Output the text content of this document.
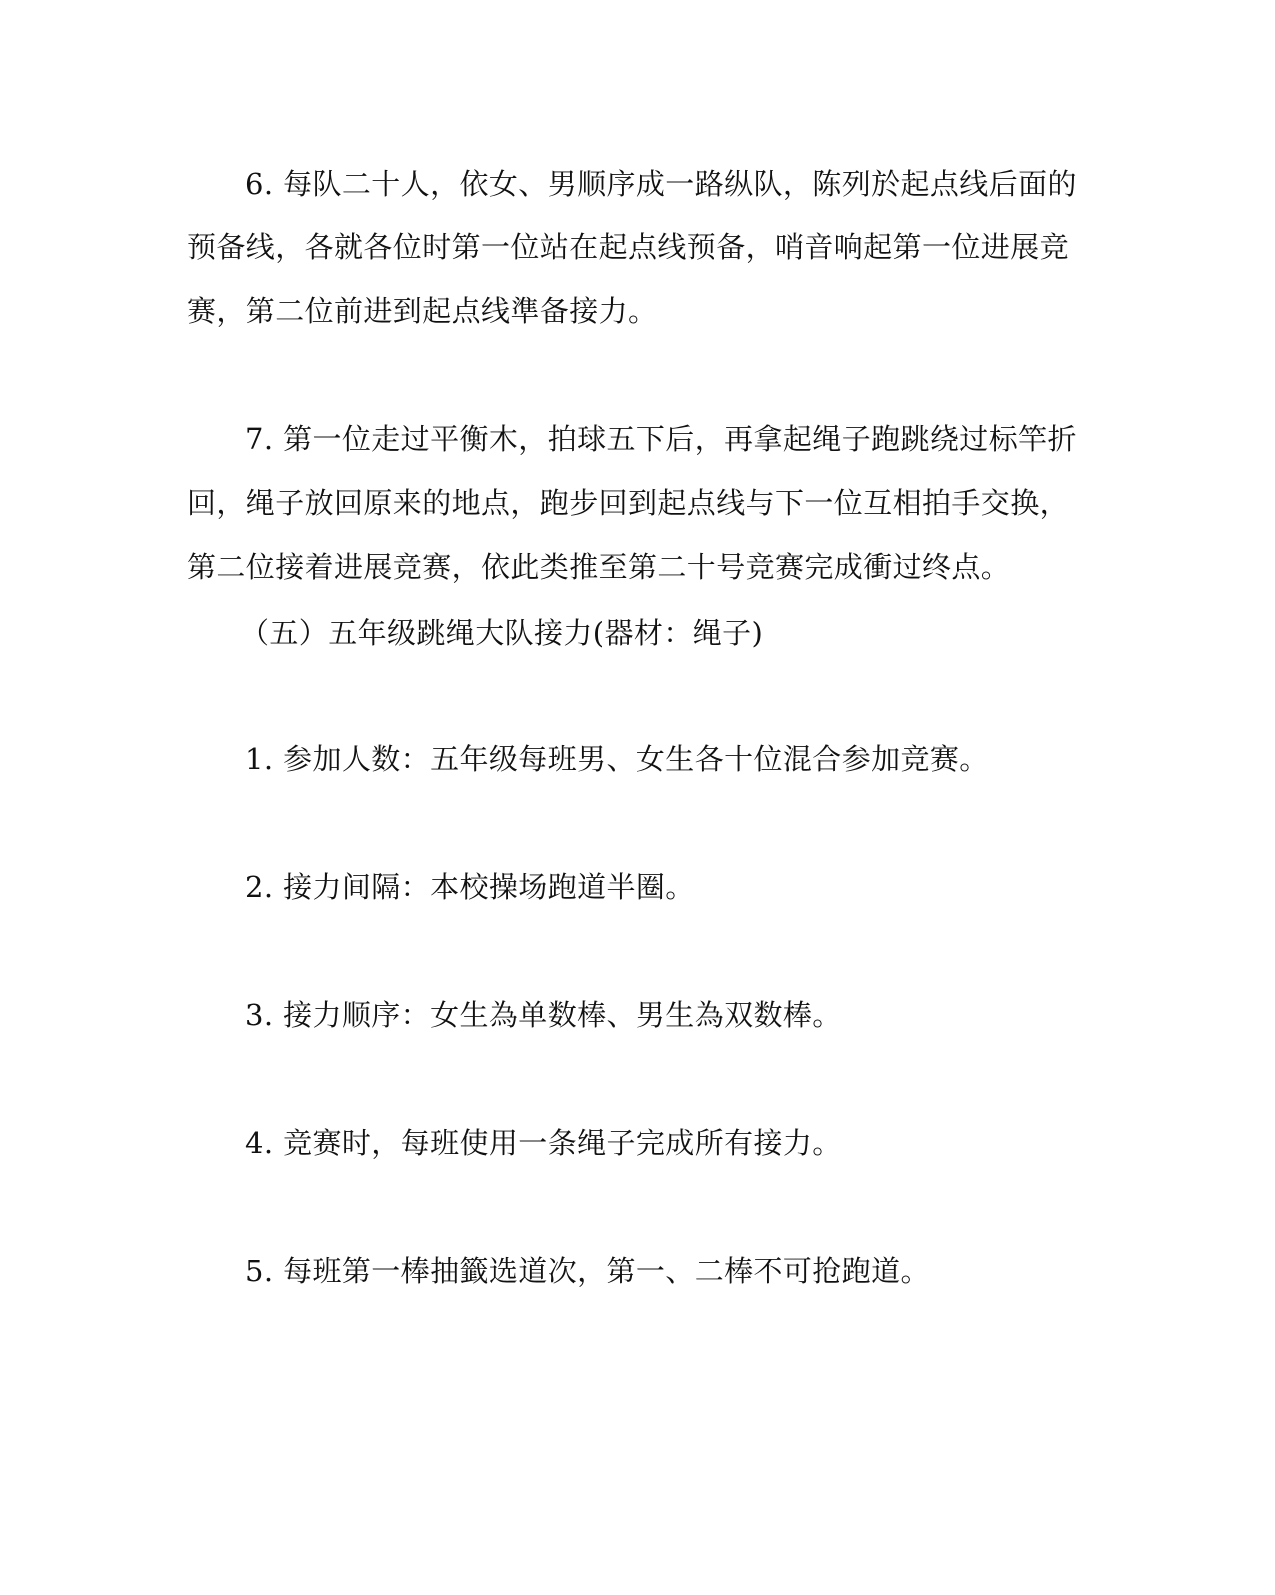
6. 每队二十人，依女、男顺序成一路纵队，陈列於起点线后面的
预备线，各就各位时第一位站在起点线预备，哨音响起第一位进展竞
赛，第二位前进到起点线準备接力。
7. 第一位走过平衡木，拍球五下后，再拿起绳子跑跳绕过标竿折
回，绳子放回原来的地点，跑步回到起点线与下一位互相拍手交换，
第二位接着进展竞赛，依此类推至第二十号竞赛完成衝过终点。
（五）五年级跳绳大队接力(器材：绳子)
1. 参加人数：五年级每班男、女生各十位混合参加竞赛。
2. 接力间隔：本校操场跑道半圈。
3. 接力顺序：女生為单数棒、男生為双数棒。
4. 竞赛时，每班使用一条绳子完成所有接力。
5. 每班第一棒抽籤选道次，第一、二棒不可抢跑道。
